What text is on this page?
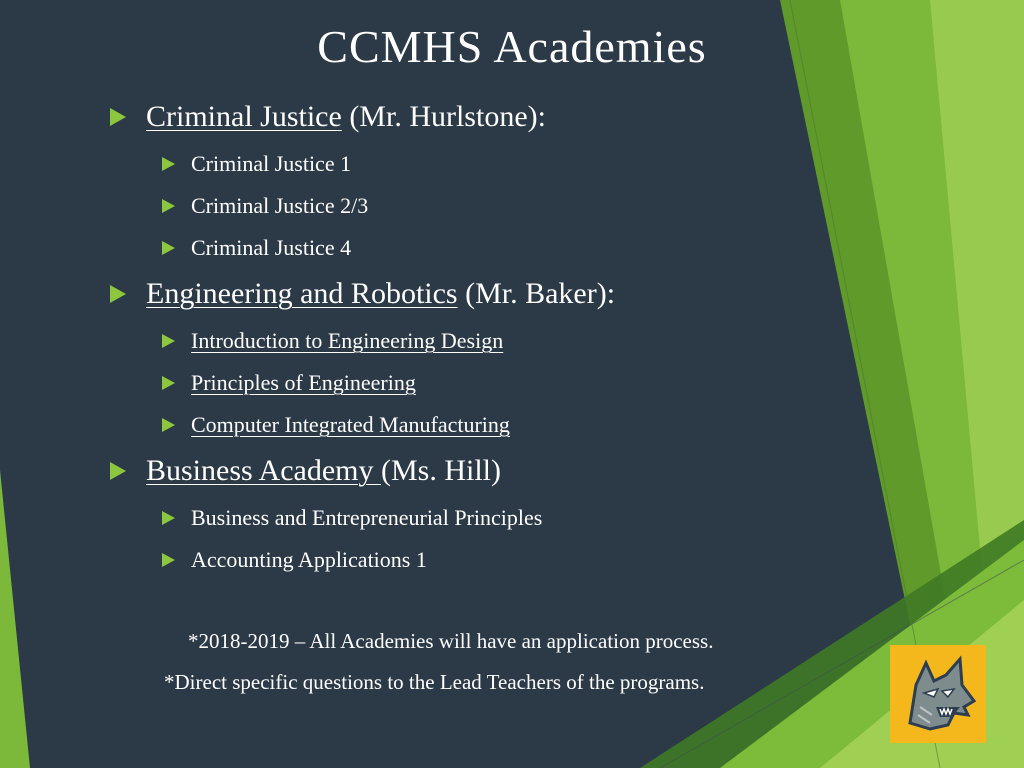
CCMHS Academies
Criminal Justice (Mr. Hurlstone):
Criminal Justice 1
Criminal Justice 2/3
Criminal Justice 4
Engineering and Robotics (Mr. Baker):
Introduction to Engineering Design
Principles of Engineering
Computer Integrated Manufacturing
Business Academy (Ms. Hill)
Business and Entrepreneurial Principles
Accounting Applications 1
*2018-2019 – All Academies will have an application process.
*Direct specific questions to the Lead Teachers of the programs.
